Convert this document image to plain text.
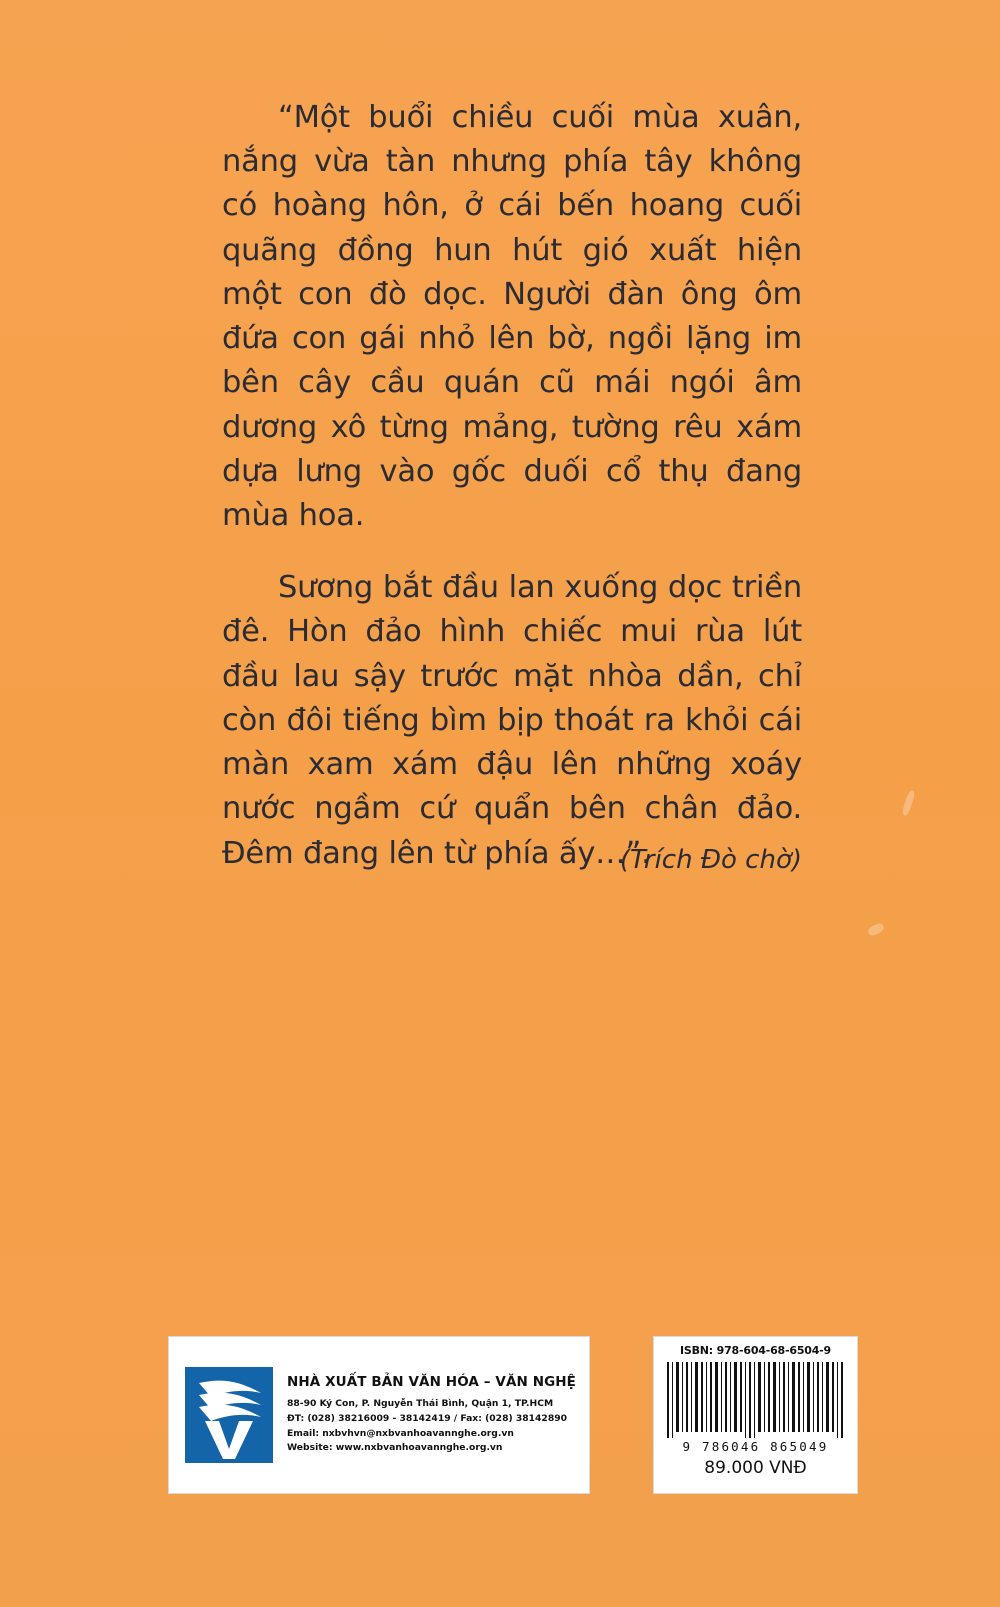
“Một buổi chiều cuối mùa xuân, nắng vừa tàn nhưng phía tây không có hoàng hôn, ở cái bến hoang cuối quãng đồng hun hút gió xuất hiện một con đò dọc. Người đàn ông ôm đứa con gái nhỏ lên bờ, ngồi lặng im bên cây cầu quán cũ mái ngói âm dương xô từng mảng, tường rêu xám dựa lưng vào gốc duối cổ thụ đang mùa hoa.

Sương bắt đầu lan xuống dọc triền đê. Hòn đảo hình chiếc mui rùa lút đầu lau sậy trước mặt nhòa dần, chỉ còn đôi tiếng bìm bịp thoát ra khỏi cái màn xam xám đậu lên những xoáy nước ngầm cứ quẩn bên chân đảo. Đêm đang lên từ phía ấy…”.

(Trích Đò chờ)
NHÀ XUẤT BẢN VĂN HÓA – VĂN NGHỆ
88-90 Ký Con, P. Nguyễn Thái Bình, Quận 1, TP.HCM
ĐT: (028) 38216009 - 38142419 / Fax: (028) 38142890
Email: nxbvhvn@nxbvanhoavannghe.org.vn
Website: www.nxbvanhoavannghe.org.vn
ISBN: 978-604-68-6504-9
9 786046 865049
89.000 VNĐ
